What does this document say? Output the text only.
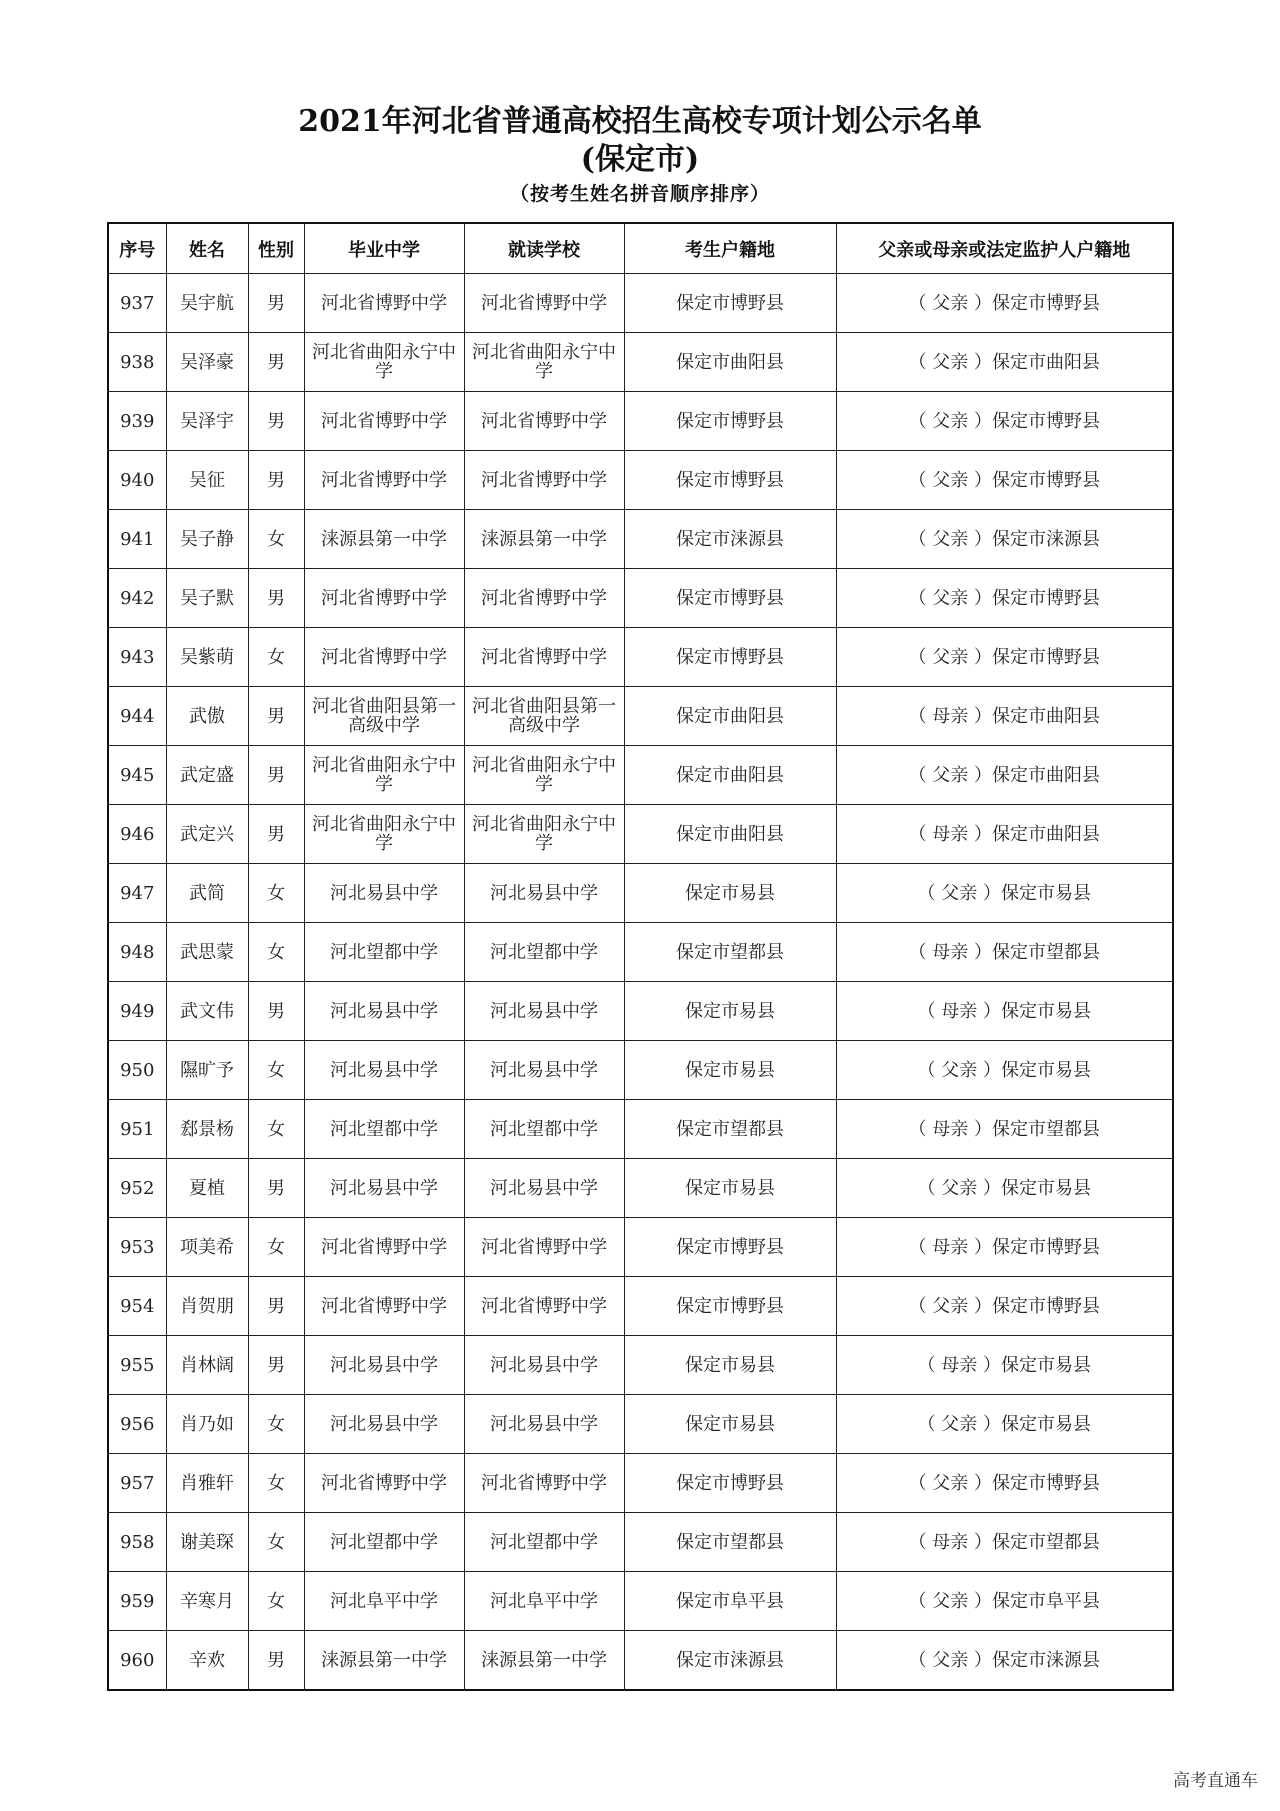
2021年河北省普通高校招生高校专项计划公示名单
(保定市)
（按考生姓名拼音顺序排序）
序号	姓名	性别	毕业中学	就读学校	考生户籍地	父亲或母亲或法定监护人户籍地
937	吴宇航	男	河北省博野中学	河北省博野中学	保定市博野县	（ 父亲 ）保定市博野县
938	吴泽豪	男	河北省曲阳永宁中学	河北省曲阳永宁中学	保定市曲阳县	（ 父亲 ）保定市曲阳县
939	吴泽宇	男	河北省博野中学	河北省博野中学	保定市博野县	（ 父亲 ）保定市博野县
940	吴征	男	河北省博野中学	河北省博野中学	保定市博野县	（ 父亲 ）保定市博野县
941	吴子静	女	涞源县第一中学	涞源县第一中学	保定市涞源县	（ 父亲 ）保定市涞源县
942	吴子默	男	河北省博野中学	河北省博野中学	保定市博野县	（ 父亲 ）保定市博野县
943	吴紫萌	女	河北省博野中学	河北省博野中学	保定市博野县	（ 父亲 ）保定市博野县
944	武傲	男	河北省曲阳县第一高级中学	河北省曲阳县第一高级中学	保定市曲阳县	（ 母亲 ）保定市曲阳县
945	武定盛	男	河北省曲阳永宁中学	河北省曲阳永宁中学	保定市曲阳县	（ 父亲 ）保定市曲阳县
946	武定兴	男	河北省曲阳永宁中学	河北省曲阳永宁中学	保定市曲阳县	（ 母亲 ）保定市曲阳县
947	武简	女	河北易县中学	河北易县中学	保定市易县	（ 父亲 ）保定市易县
948	武思蒙	女	河北望都中学	河北望都中学	保定市望都县	（ 母亲 ）保定市望都县
949	武文伟	男	河北易县中学	河北易县中学	保定市易县	（ 母亲 ）保定市易县
950	隰旷予	女	河北易县中学	河北易县中学	保定市易县	（ 父亲 ）保定市易县
951	郄景杨	女	河北望都中学	河北望都中学	保定市望都县	（ 母亲 ）保定市望都县
952	夏植	男	河北易县中学	河北易县中学	保定市易县	（ 父亲 ）保定市易县
953	项美希	女	河北省博野中学	河北省博野中学	保定市博野县	（ 母亲 ）保定市博野县
954	肖贺朋	男	河北省博野中学	河北省博野中学	保定市博野县	（ 父亲 ）保定市博野县
955	肖林阔	男	河北易县中学	河北易县中学	保定市易县	（ 母亲 ）保定市易县
956	肖乃如	女	河北易县中学	河北易县中学	保定市易县	（ 父亲 ）保定市易县
957	肖雅轩	女	河北省博野中学	河北省博野中学	保定市博野县	（ 父亲 ）保定市博野县
958	谢美琛	女	河北望都中学	河北望都中学	保定市望都县	（ 母亲 ）保定市望都县
959	辛寒月	女	河北阜平中学	河北阜平中学	保定市阜平县	（ 父亲 ）保定市阜平县
960	辛欢	男	涞源县第一中学	涞源县第一中学	保定市涞源县	（ 父亲 ）保定市涞源县
高考直通车
